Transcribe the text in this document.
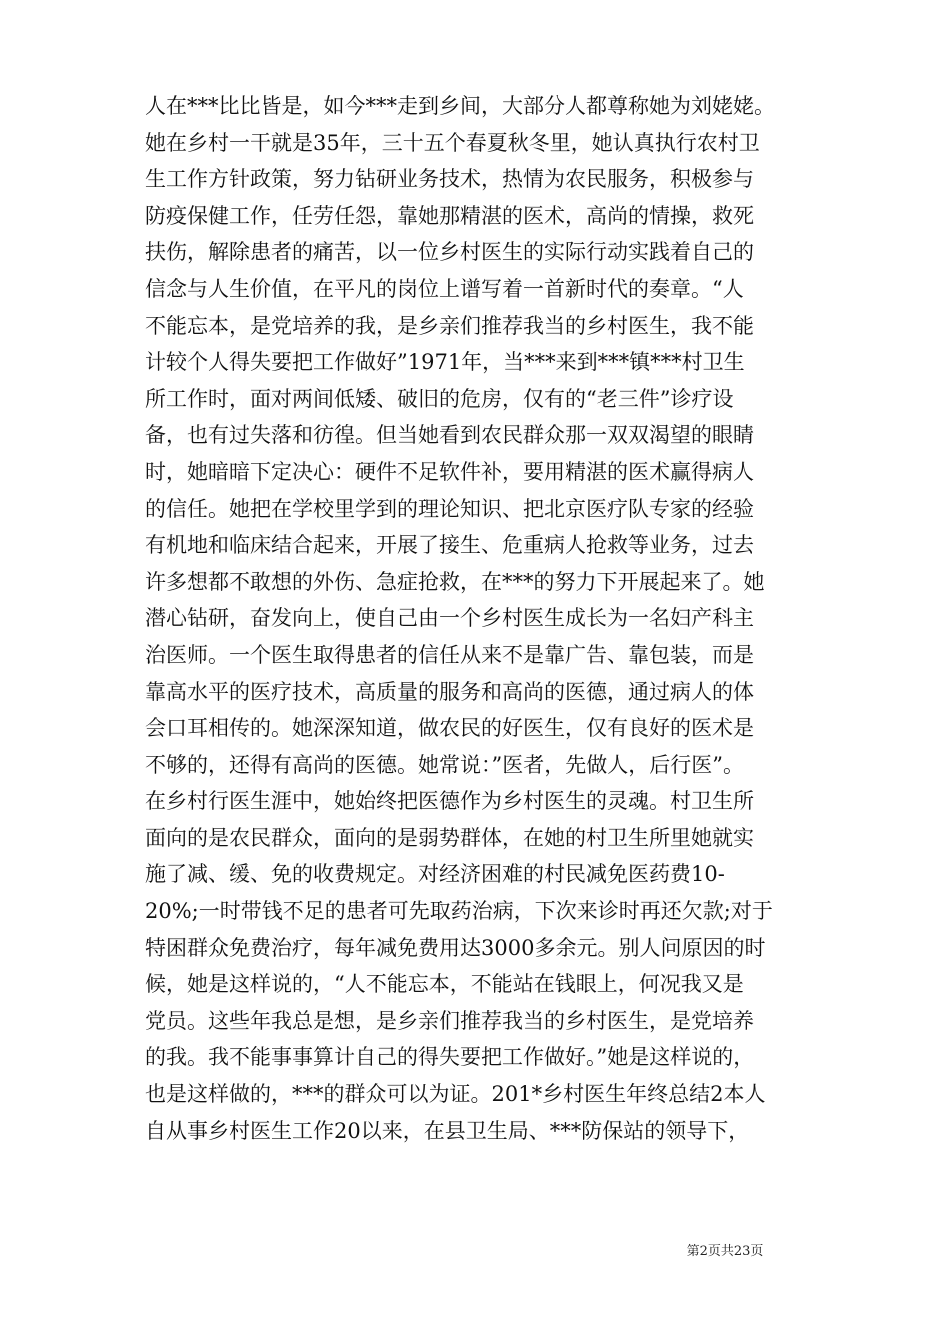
人在***比比皆是，如今***走到乡间，大部分人都尊称她为刘姥姥。
她在乡村一干就是35年，三十五个春夏秋冬里，她认真执行农村卫
生工作方针政策，努力钻研业务技术，热情为农民服务，积极参与
防疫保健工作，任劳任怨，靠她那精湛的医术，高尚的情操，救死
扶伤，解除患者的痛苦，以一位乡村医生的实际行动实践着自己的
信念与人生价值，在平凡的岗位上谱写着一首新时代的奏章。“人
不能忘本，是党培养的我，是乡亲们推荐我当的乡村医生，我不能
计较个人得失要把工作做好”1971年，当***来到***镇***村卫生
所工作时，面对两间低矮、破旧的危房，仅有的“老三件”诊疗设
备，也有过失落和彷徨。但当她看到农民群众那一双双渴望的眼睛
时，她暗暗下定决心：硬件不足软件补，要用精湛的医术赢得病人
的信任。她把在学校里学到的理论知识、把北京医疗队专家的经验
有机地和临床结合起来，开展了接生、危重病人抢救等业务，过去
许多想都不敢想的外伤、急症抢救，在***的努力下开展起来了。她
潜心钻研，奋发向上，使自己由一个乡村医生成长为一名妇产科主
治医师。一个医生取得患者的信任从来不是靠广告、靠包装，而是
靠高水平的医疗技术，高质量的服务和高尚的医德，通过病人的体
会口耳相传的。她深深知道，做农民的好医生，仅有良好的医术是
不够的，还得有高尚的医德。她常说：”医者，先做人，后行医”。
在乡村行医生涯中，她始终把医德作为乡村医生的灵魂。村卫生所
面向的是农民群众，面向的是弱势群体，在她的村卫生所里她就实
施了减、缓、免的收费规定。对经济困难的村民减免医药费10-
20%;一时带钱不足的患者可先取药治病，下次来诊时再还欠款;对于
特困群众免费治疗，每年减免费用达3000多余元。别人问原因的时
候，她是这样说的，“人不能忘本，不能站在钱眼上，何况我又是
党员。这些年我总是想，是乡亲们推荐我当的乡村医生，是党培养
的我。我不能事事算计自己的得失要把工作做好。”她是这样说的，
也是这样做的，***的群众可以为证。201*乡村医生年终总结2本人
自从事乡村医生工作20以来，在县卫生局、***防保站的领导下，
第2页共23页
